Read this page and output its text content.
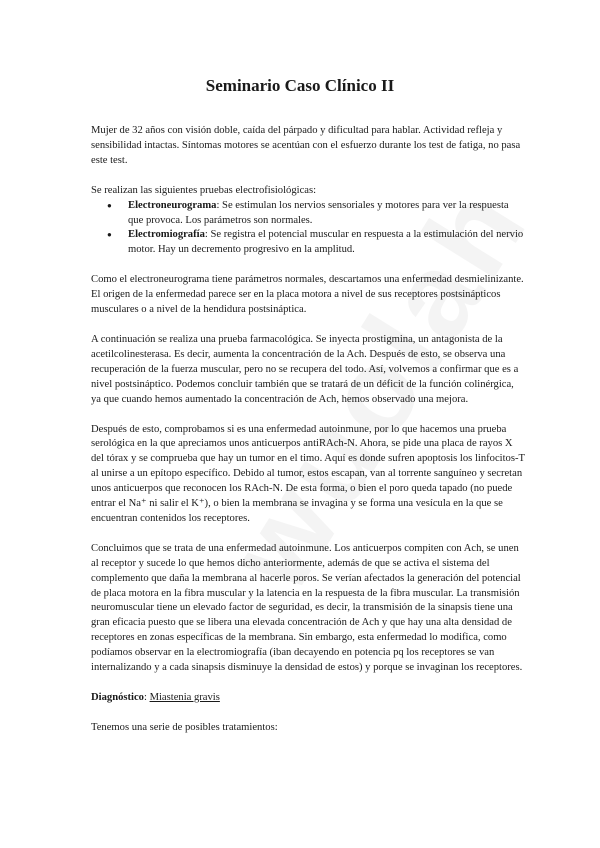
Seminario Caso Clínico II

Mujer de 32 años con visión doble, caída del párpado y dificultad para hablar. Actividad refleja y sensibilidad intactas. Síntomas motores se acentúan con el esfuerzo durante los test de fatiga, no pasa este test.

Se realizan las siguientes pruebas electrofisiológicas:

● Electroneurograma: Se estimulan los nervios sensoriales y motores para ver la respuesta que provoca. Los parámetros son normales.
● Electromiografía: Se registra el potencial muscular en respuesta a la estimulación del nervio motor. Hay un decremento progresivo en la amplitud.

Como el electroneurograma tiene parámetros normales, descartamos una enfermedad desmielinizante. El origen de la enfermedad parece ser en la placa motora a nivel de sus receptores postsinápticos musculares o a nivel de la hendidura postsináptica.

A continuación se realiza una prueba farmacológica. Se inyecta prostigmina, un antagonista de la acetilcolinesterasa. Es decir, aumenta la concentración de la Ach. Después de esto, se observa una recuperación de la fuerza muscular, pero no se recupera del todo. Así, volvemos a confirmar que es a nivel postsináptico. Podemos concluir también que se tratará de un déficit de la función colinérgica, ya que cuando hemos aumentado la concentración de Ach, hemos observado una mejora.

Después de esto, comprobamos si es una enfermedad autoinmune, por lo que hacemos una prueba serológica en la que apreciamos unos anticuerpos antiRAch-N. Ahora, se pide una placa de rayos X del tórax y se comprueba que hay un tumor en el timo. Aquí es donde sufren apoptosis los linfocitos-T al unirse a un epítopo específico. Debido al tumor, estos escapan, van al torrente sanguíneo y secretan unos anticuerpos que reconocen los RAch-N. De esta forma, o bien el poro queda tapado (no puede entrar el Na⁺ ni salir el K⁺), o bien la membrana se invagina y se forma una vesícula en la que se encuentran contenidos los receptores.

Concluimos que se trata de una enfermedad autoinmune. Los anticuerpos compiten con Ach, se unen al receptor y sucede lo que hemos dicho anteriormente, además de que se activa el sistema del complemento que daña la membrana al hacerle poros. Se verían afectados la generación del potencial de placa motora en la fibra muscular y la latencia en la respuesta de la fibra muscular. La transmisión neuromuscular tiene un elevado factor de seguridad, es decir, la transmisión de la sinapsis tiene una gran eficacia puesto que se libera una elevada concentración de Ach y que hay una alta densidad de receptores en zonas específicas de la membrana. Sin embargo, esta enfermedad lo modifica, como podíamos observar en la electromiografía (iban decayendo en potencia pq los receptores se van internalizando y a cada sinapsis disminuye la densidad de estos) y porque se invaginan los receptores.

Diagnóstico: Miastenia gravis

Tenemos una serie de posibles tratamientos:
